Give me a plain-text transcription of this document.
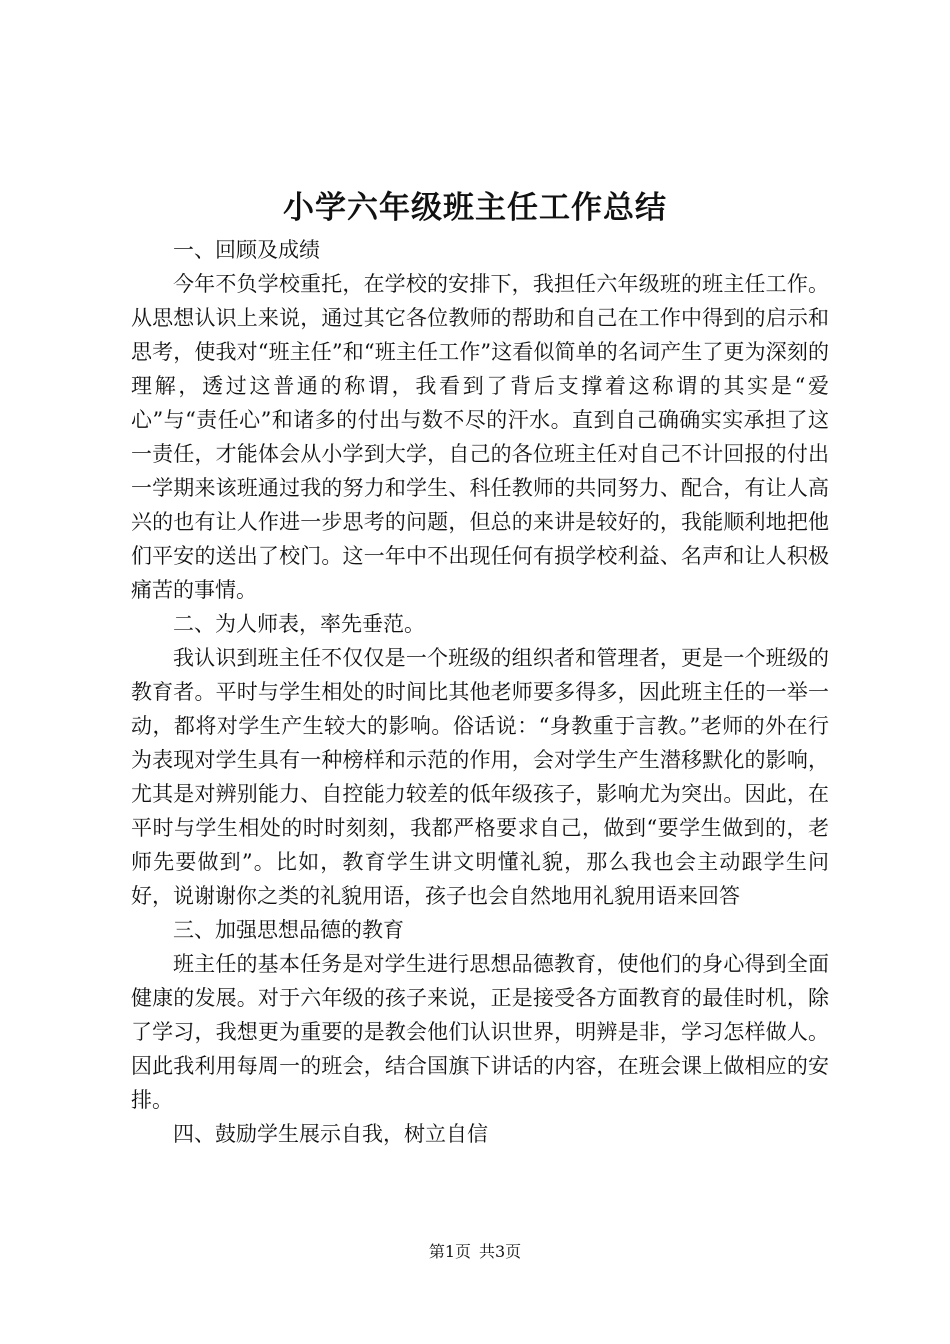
小学六年级班主任工作总结

一、回顾及成绩

今年不负学校重托，在学校的安排下，我担任六年级班的班主任工作。从思想认识上来说，通过其它各位教师的帮助和自己在工作中得到的启示和思考，使我对“班主任”和“班主任工作”这看似简单的名词产生了更为深刻的理解，透过这普通的称谓，我看到了背后支撑着这称谓的其实是“爱心”与“责任心”和诸多的付出与数不尽的汗水。直到自己确确实实承担了这一责任，才能体会从小学到大学，自己的各位班主任对自己不计回报的付出一学期来该班通过我的努力和学生、科任教师的共同努力、配合，有让人高兴的也有让人作进一步思考的问题，但总的来讲是较好的，我能顺利地把他们平安的送出了校门。这一年中不出现任何有损学校利益、名声和让人积极痛苦的事情。

二、为人师表，率先垂范。

我认识到班主任不仅仅是一个班级的组织者和管理者，更是一个班级的教育者。平时与学生相处的时间比其他老师要多得多，因此班主任的一举一动，都将对学生产生较大的影响。俗话说：“身教重于言教。”老师的外在行为表现对学生具有一种榜样和示范的作用，会对学生产生潜移默化的影响，尤其是对辨别能力、自控能力较差的低年级孩子，影响尤为突出。因此，在平时与学生相处的时时刻刻，我都严格要求自己，做到“要学生做到的，老师先要做到”。比如，教育学生讲文明懂礼貌，那么我也会主动跟学生问好，说谢谢你之类的礼貌用语，孩子也会自然地用礼貌用语来回答

三、加强思想品德的教育

班主任的基本任务是对学生进行思想品德教育，使他们的身心得到全面健康的发展。对于六年级的孩子来说，正是接受各方面教育的最佳时机，除了学习，我想更为重要的是教会他们认识世界，明辨是非，学习怎样做人。因此我利用每周一的班会，结合国旗下讲话的内容，在班会课上做相应的安排。

四、鼓励学生展示自我，树立自信

第1页 共3页
